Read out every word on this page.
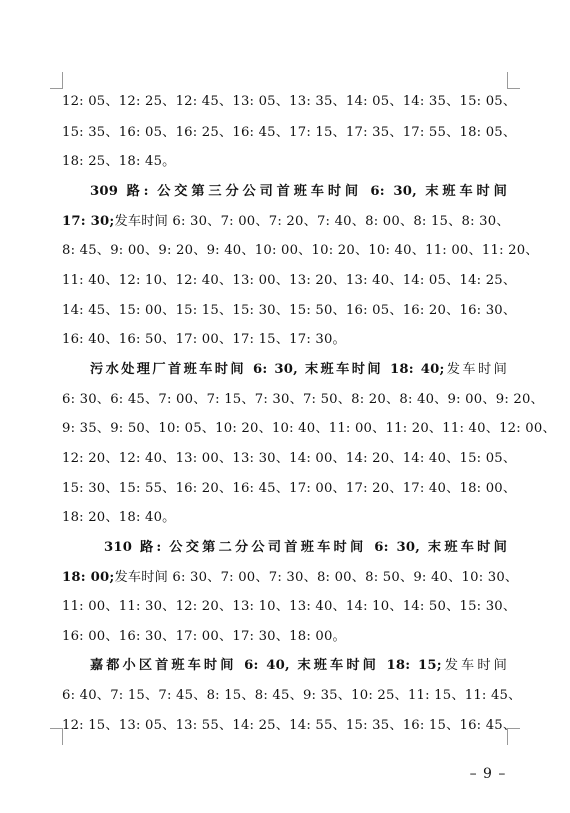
12: 05、12: 25、12: 45、13: 05、13: 35、14: 05、14: 35、15: 05、
15: 35、16: 05、16: 25、16: 45、17: 15、17: 35、17: 55、18: 05、
18: 25、18: 45。
309 路: 公交第三分公司首班车时间 6: 30, 末班车时间
17: 30;发车时间 6: 30、7: 00、7: 20、7: 40、8: 00、8: 15、8: 30、
8: 45、9: 00、9: 20、9: 40、10: 00、10: 20、10: 40、11: 00、11: 20、
11: 40、12: 10、12: 40、13: 00、13: 20、13: 40、14: 05、14: 25、
14: 45、15: 00、15: 15、15: 30、15: 50、16: 05、16: 20、16: 30、
16: 40、16: 50、17: 00、17: 15、17: 30。
污水处理厂首班车时间 6: 30, 末班车时间 18: 40;发车时间
6: 30、6: 45、7: 00、7: 15、7: 30、7: 50、8: 20、8: 40、9: 00、9: 20、
9: 35、9: 50、10: 05、10: 20、10: 40、11: 00、11: 20、11: 40、12: 00、
12: 20、12: 40、13: 00、13: 30、14: 00、14: 20、14: 40、15: 05、
15: 30、15: 55、16: 20、16: 45、17: 00、17: 20、17: 40、18: 00、
18: 20、18: 40。
310 路: 公交第二分公司首班车时间 6: 30, 末班车时间
18: 00;发车时间 6: 30、7: 00、7: 30、8: 00、8: 50、9: 40、10: 30、
11: 00、11: 30、12: 20、13: 10、13: 40、14: 10、14: 50、15: 30、
16: 00、16: 30、17: 00、17: 30、18: 00。
嘉都小区首班车时间 6: 40, 末班车时间 18: 15;发车时间
6: 40、7: 15、7: 45、8: 15、8: 45、9: 35、10: 25、11: 15、11: 45、
12: 15、13: 05、13: 55、14: 25、14: 55、15: 35、16: 15、16: 45、
– 9 –
